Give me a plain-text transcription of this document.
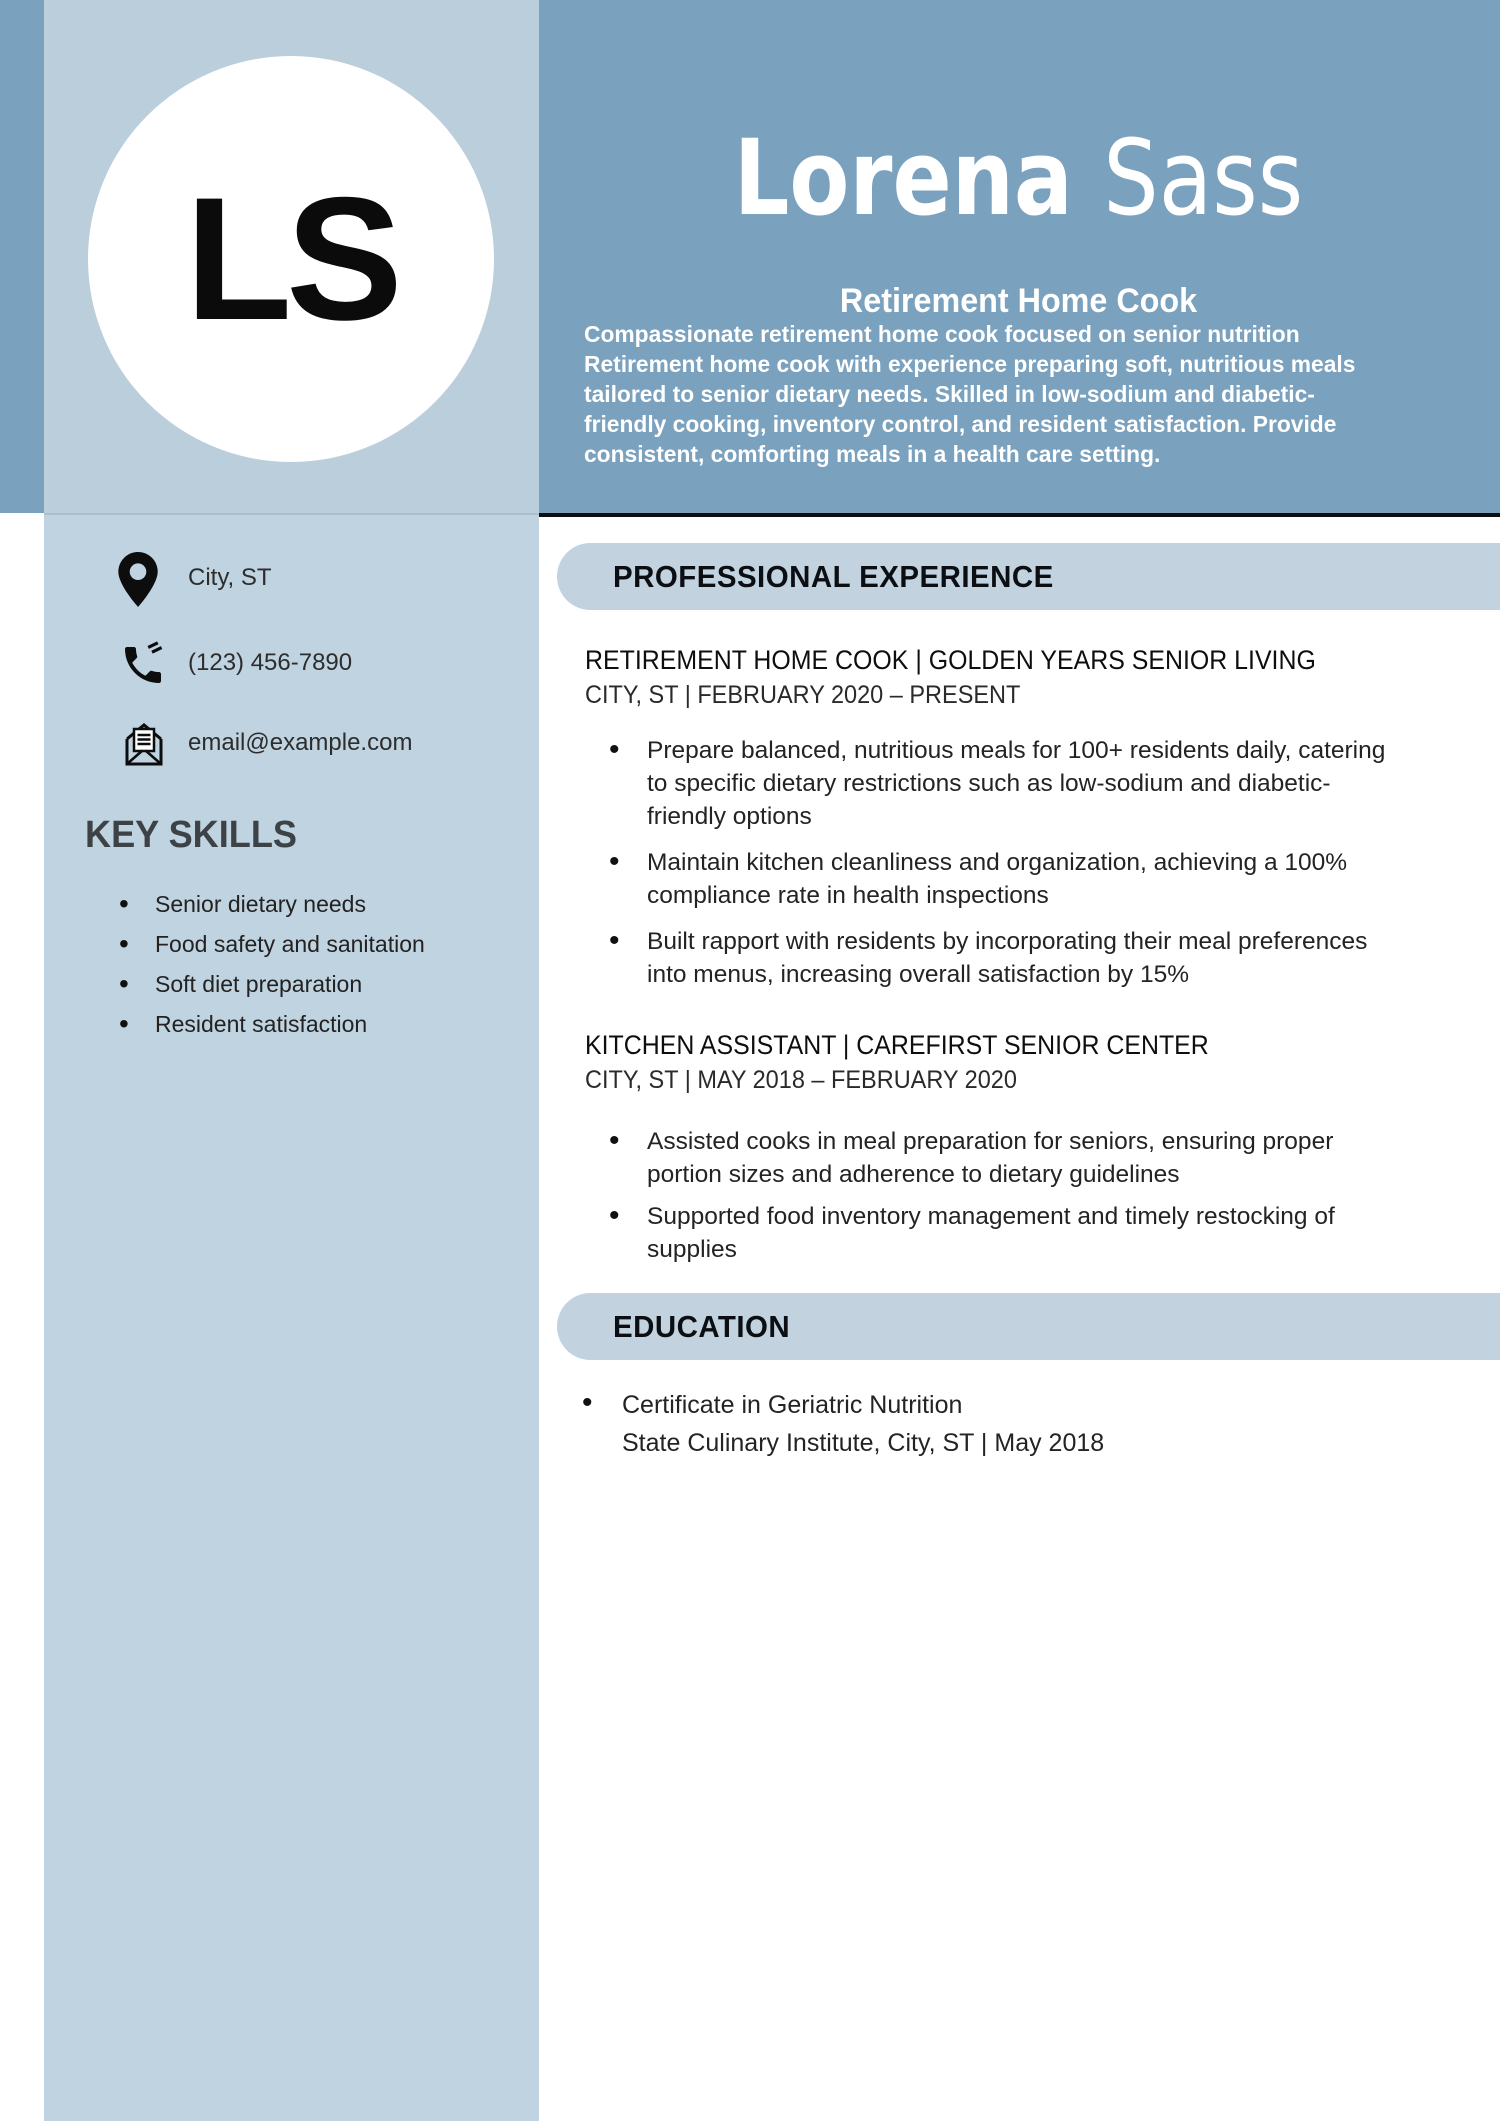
Lorena Sass
Retirement Home Cook
Compassionate retirement home cook focused on senior nutrition
Retirement home cook with experience preparing soft, nutritious meals
tailored to senior dietary needs. Skilled in low-sodium and diabetic-
friendly cooking, inventory control, and resident satisfaction. Provide
consistent, comforting meals in a health care setting.
LS
City, ST
(123) 456-7890
email@example.com
KEY SKILLS
• Senior dietary needs
• Food safety and sanitation
• Soft diet preparation
• Resident satisfaction
PROFESSIONAL EXPERIENCE
RETIREMENT HOME COOK | GOLDEN YEARS SENIOR LIVING
CITY, ST | FEBRUARY 2020 – PRESENT
• Prepare balanced, nutritious meals for 100+ residents daily, catering
to specific dietary restrictions such as low-sodium and diabetic-
friendly options
• Maintain kitchen cleanliness and organization, achieving a 100%
compliance rate in health inspections
• Built rapport with residents by incorporating their meal preferences
into menus, increasing overall satisfaction by 15%
KITCHEN ASSISTANT | CAREFIRST SENIOR CENTER
CITY, ST | MAY 2018 – FEBRUARY 2020
• Assisted cooks in meal preparation for seniors, ensuring proper
portion sizes and adherence to dietary guidelines
• Supported food inventory management and timely restocking of
supplies
EDUCATION
• Certificate in Geriatric Nutrition
State Culinary Institute, City, ST | May 2018
